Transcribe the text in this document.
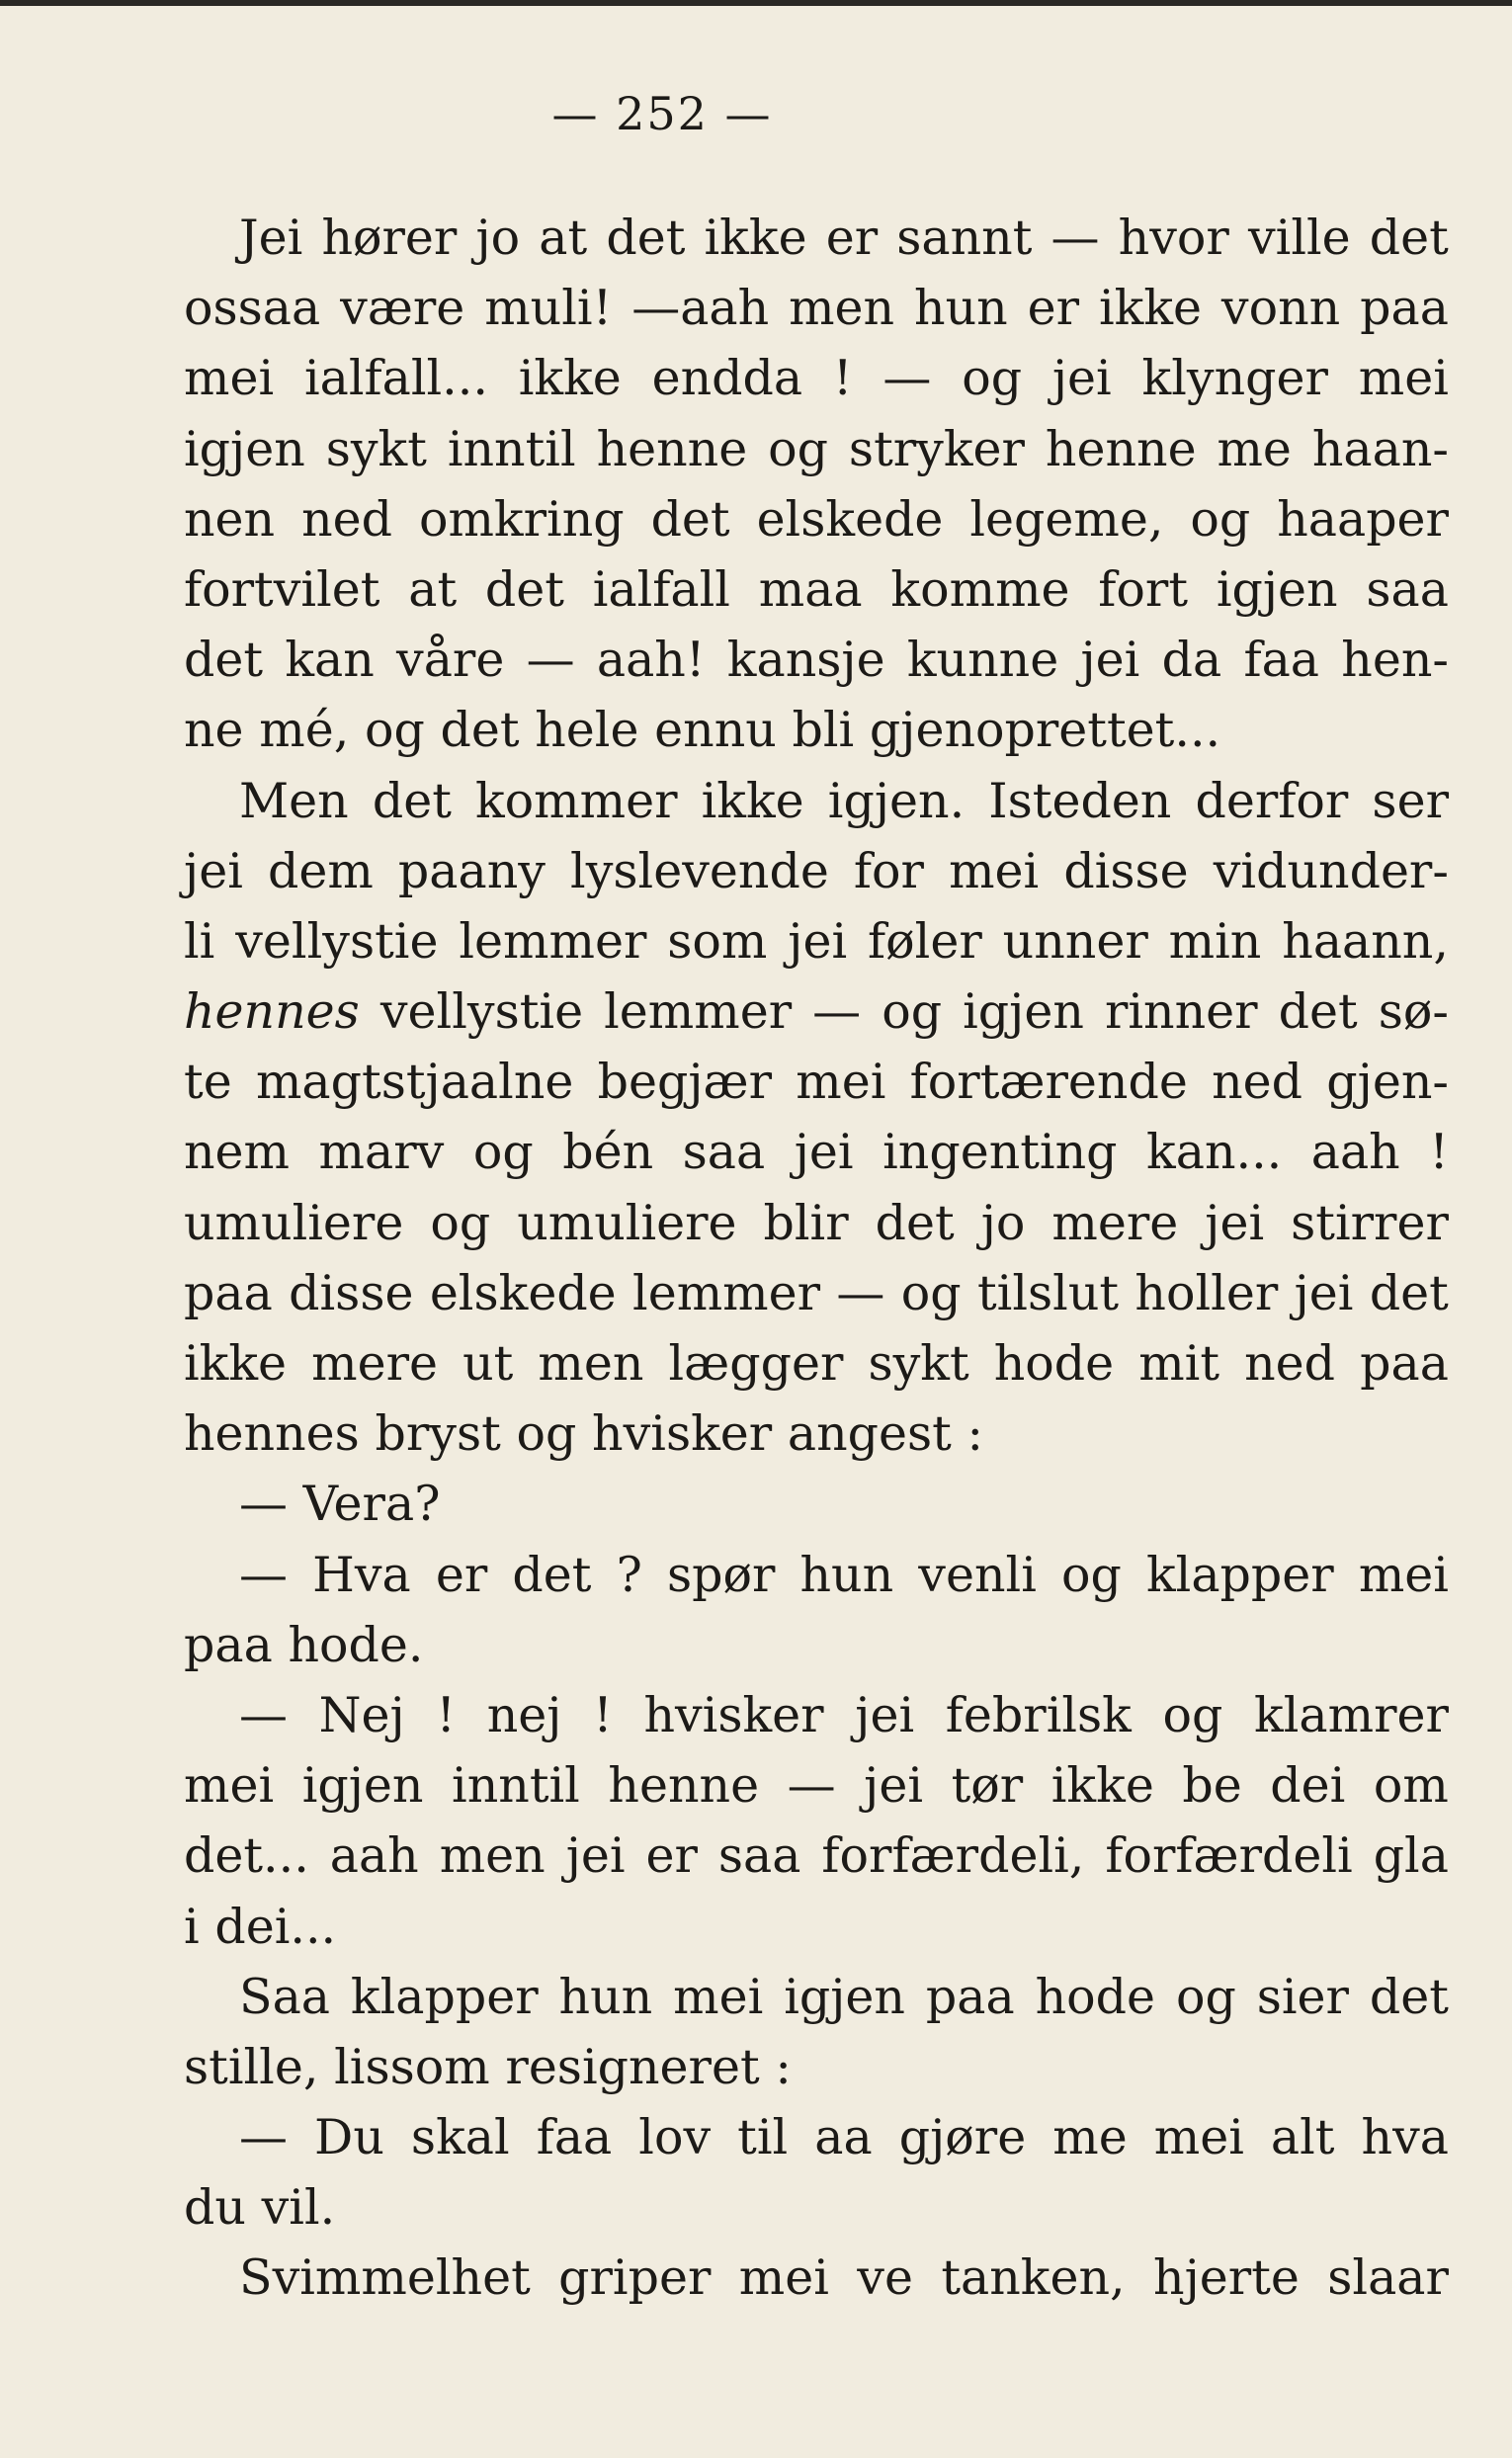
— 252 —
Jei hører jo at det ikke er sannt — hvor ville det
ossaa være muli! —aah men hun er ikke vonn paa
mei ialfall... ikke endda ! — og jei klynger mei
igjen sykt inntil henne og stryker henne me haan-
nen ned omkring det elskede legeme, og haaper
fortvilet at det ialfall maa komme fort igjen saa
det kan våre — aah! kansje kunne jei da faa hen-
ne mé, og det hele ennu bli gjenoprettet...
Men det kommer ikke igjen. Isteden derfor ser
jei dem paany lyslevende for mei disse vidunder-
li vellystie lemmer som jei føler unner min haann,
hennes vellystie lemmer — og igjen rinner det sø-
te magtstjaalne begjær mei fortærende ned gjen-
nem marv og bén saa jei ingenting kan... aah !
umuliere og umuliere blir det jo mere jei stirrer
paa disse elskede lemmer — og tilslut holler jei det
ikke mere ut men lægger sykt hode mit ned paa
hennes bryst og hvisker angest :
— Vera?
— Hva er det ? spør hun venli og klapper mei
paa hode.
— Nej ! nej ! hvisker jei febrilsk og klamrer
mei igjen inntil henne — jei tør ikke be dei om
det... aah men jei er saa forfærdeli, forfærdeli gla
i dei...
Saa klapper hun mei igjen paa hode og sier det
stille, lissom resigneret :
— Du skal faa lov til aa gjøre me mei alt hva
du vil.
Svimmelhet griper mei ve tanken, hjerte slaar
